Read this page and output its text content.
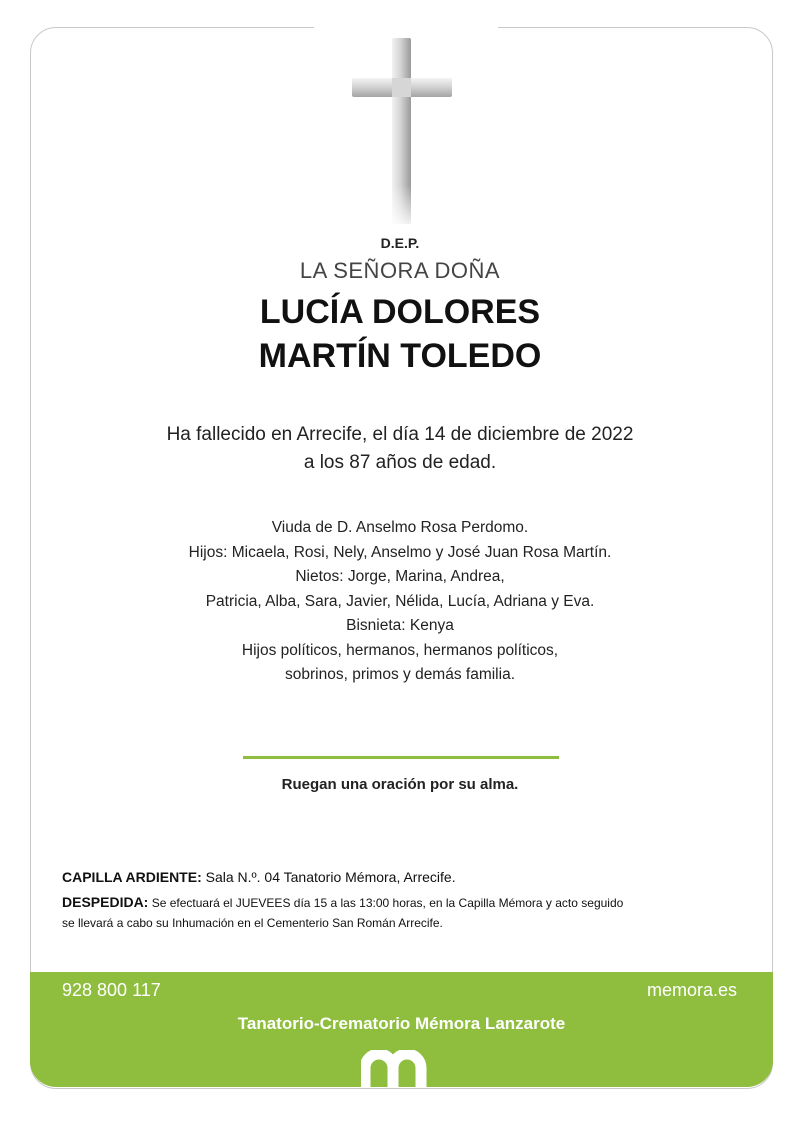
D.E.P.
LA SEÑORA DOÑA
LUCÍA DOLORES
MARTÍN TOLEDO
Ha fallecido en Arrecife, el día 14 de diciembre de 2022
a los 87 años de edad.
Viuda de D. Anselmo Rosa Perdomo.
Hijos: Micaela, Rosi, Nely, Anselmo y José Juan Rosa Martín.
Nietos: Jorge, Marina, Andrea,
Patricia, Alba, Sara, Javier, Nélida, Lucía, Adriana y Eva.
Bisnieta: Kenya
Hijos políticos, hermanos, hermanos políticos,
sobrinos, primos y demás familia.
Ruegan una oración por su alma.
CAPILLA ARDIENTE: Sala N.º. 04 Tanatorio Mémora, Arrecife.
DESPEDIDA: Se efectuará el JUEVEES día 15 a las 13:00 horas, en la Capilla Mémora y acto seguido
se llevará a cabo su Inhumación en el Cementerio San Román Arrecife.
928 800 117	memora.es
Tanatorio-Crematorio Mémora Lanzarote
